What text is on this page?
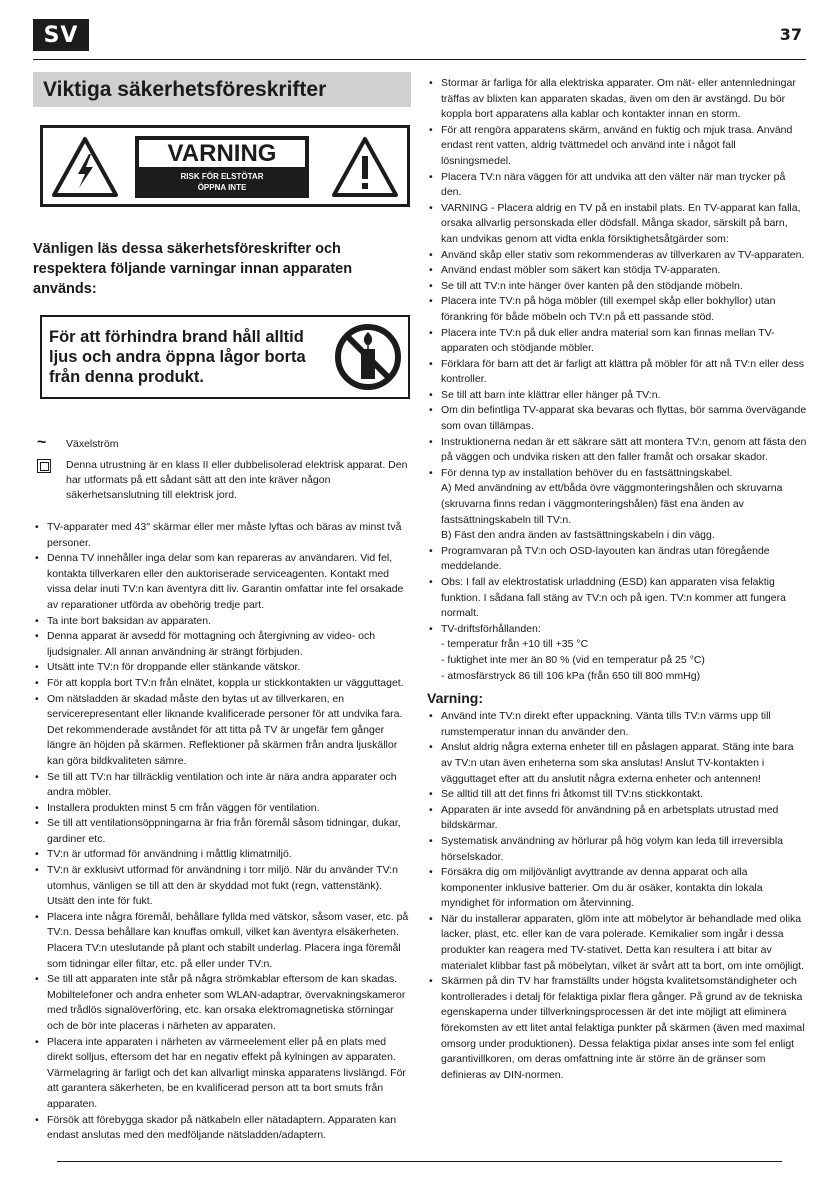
SV	37
Viktiga säkerhetsföreskrifter
VARNING
RISK FÖR ELSTÖTAR
ÖPPNA INTE
Vänligen läs dessa säkerhetsföreskrifter och respektera följande varningar innan apparaten används:
För att förhindra brand håll alltid ljus och andra öppna lågor borta från denna produkt.
~ Växelström
Denna utrustning är en klass II eller dubbelisolerad elektrisk apparat. Den har utformats på ett sådant sätt att den inte kräver någon säkerhetsanslutning till elektrisk jord.
• TV-apparater med 43" skärmar eller mer måste lyftas och bäras av minst två personer.
• Denna TV innehåller inga delar som kan repareras av användaren. Vid fel, kontakta tillverkaren eller den auktoriserade serviceagenten. Kontakt med vissa delar inuti TV:n kan äventyra ditt liv. Garantin omfattar inte fel orsakade av reparationer utförda av obehörig tredje part.
• Ta inte bort baksidan av apparaten.
• Denna apparat är avsedd för mottagning och återgivning av video- och ljudsignaler. All annan användning är strängt förbjuden.
• Utsätt inte TV:n för droppande eller stänkande vätskor.
• För att koppla bort TV:n från elnätet, koppla ur stickkontakten ur vägguttaget.
• Om nätsladden är skadad måste den bytas ut av tillverkaren, en servicerepresentant eller liknande kvalificerade personer för att undvika fara. Det rekommenderade avståndet för att titta på TV är ungefär fem gånger längre än höjden på skärmen. Reflektioner på skärmen från andra ljuskällor kan göra bildkvaliteten sämre.
• Se till att TV:n har tillräcklig ventilation och inte är nära andra apparater och andra möbler.
• Installera produkten minst 5 cm från väggen för ventilation.
• Se till att ventilationsöppningarna är fria från föremål såsom tidningar, dukar, gardiner etc.
• TV:n är utformad för användning i måttlig klimatmiljö.
• TV:n är exklusivt utformad för användning i torr miljö. När du använder TV:n utomhus, vänligen se till att den är skyddad mot fukt (regn, vattenstänk). Utsätt den inte för fukt.
• Placera inte några föremål, behållare fyllda med vätskor, såsom vaser, etc. på TV:n. Dessa behållare kan knuffas omkull, vilket kan äventyra elsäkerheten. Placera TV:n uteslutande på plant och stabilt underlag. Placera inga föremål som tidningar eller filtar, etc. på eller under TV:n.
• Se till att apparaten inte står på några strömkablar eftersom de kan skadas. Mobiltelefoner och andra enheter som WLAN-adaptrar, övervakningskameror med trådlös signalöverföring, etc. kan orsaka elektromagnetiska störningar och de bör inte placeras i närheten av apparaten.
• Placera inte apparaten i närheten av värmeelement eller på en plats med direkt solljus, eftersom det har en negativ effekt på kylningen av apparaten. Värmelagring är farligt och det kan allvarligt minska apparatens livslängd. För att garantera säkerheten, be en kvalificerad person att ta bort smuts från apparaten.
• Försök att förebygga skador på nätkabeln eller nätadaptern. Apparaten kan endast anslutas med den medföljande nätsladden/adaptern.
• Stormar är farliga för alla elektriska apparater. Om nät- eller antennledningar träffas av blixten kan apparaten skadas, även om den är avstängd. Du bör koppla bort apparatens alla kablar och kontakter innan en storm.
• För att rengöra apparatens skärm, använd en fuktig och mjuk trasa. Använd endast rent vatten, aldrig tvättmedel och använd inte i något fall lösningsmedel.
• Placera TV:n nära väggen för att undvika att den välter när man trycker på den.
• VARNING - Placera aldrig en TV på en instabil plats. En TV-apparat kan falla, orsaka allvarlig personskada eller dödsfall. Många skador, särskilt på barn, kan undvikas genom att vidta enkla försiktighetsåtgärder som:
• Använd skåp eller stativ som rekommenderas av tillverkaren av TV-apparaten.
• Använd endast möbler som säkert kan stödja TV-apparaten.
• Se till att TV:n inte hänger över kanten på den stödjande möbeln.
• Placera inte TV:n på höga möbler (till exempel skåp eller bokhyllor) utan förankring för både möbeln och TV:n på ett passande stöd.
• Placera inte TV:n på duk eller andra material som kan finnas mellan TV-apparaten och stödjande möbler.
• Förklara för barn att det är farligt att klättra på möbler för att nå TV:n eller dess kontroller.
• Se till att barn inte klättrar eller hänger på TV:n.
• Om din befintliga TV-apparat ska bevaras och flyttas, bör samma övervägande som ovan tillämpas.
• Instruktionerna nedan är ett säkrare sätt att montera TV:n, genom att fästa den på väggen och undvika risken att den faller framåt och orsakar skador.
• För denna typ av installation behöver du en fastsättningskabel.
A) Med användning av ett/båda övre väggmonteringshålen och skruvarna (skruvarna finns redan i väggmonteringshålen) fäst ena änden av fastsättningskabeln till TV:n.
B) Fäst den andra änden av fastsättningskabeln i din vägg.
• Programvaran på TV:n och OSD-layouten kan ändras utan föregående meddelande.
• Obs: I fall av elektrostatisk urladdning (ESD) kan apparaten visa felaktig funktion. I sådana fall stäng av TV:n och på igen. TV:n kommer att fungera normalt.
• TV-driftsförhållanden:
- temperatur från +10 till +35 °C
- fuktighet inte mer än 80 % (vid en temperatur på 25 °C)
- atmosfärstryck 86 till 106 kPa (från 650 till 800 mmHg)
Varning:
• Använd inte TV:n direkt efter uppackning. Vänta tills TV:n värms upp till rumstemperatur innan du använder den.
• Anslut aldrig några externa enheter till en påslagen apparat. Stäng inte bara av TV:n utan även enheterna som ska anslutas! Anslut TV-kontakten i vägguttaget efter att du anslutit några externa enheter och antennen!
• Se alltid till att det finns fri åtkomst till TV:ns stickkontakt.
• Apparaten är inte avsedd för användning på en arbetsplats utrustad med bildskärmar.
• Systematisk användning av hörlurar på hög volym kan leda till irreversibla hörselskador.
• Försäkra dig om miljövänligt avyttrande av denna apparat och alla komponenter inklusive batterier. Om du är osäker, kontakta din lokala myndighet för information om återvinning.
• När du installerar apparaten, glöm inte att möbelytor är behandlade med olika lacker, plast, etc. eller kan de vara polerade. Kemikalier som ingår i dessa produkter kan reagera med TV-stativet. Detta kan resultera i att bitar av materialet klibbar fast på möbelytan, vilket är svårt att ta bort, om inte omöjligt.
• Skärmen på din TV har framställts under högsta kvalitetsomständigheter och kontrollerades i detalj för felaktiga pixlar flera gånger. På grund av de tekniska egenskaperna under tillverkningsprocessen är det inte möjligt att eliminera förekomsten av ett litet antal felaktiga punkter på skärmen (även med maximal omsorg under produktionen). Dessa felaktiga pixlar anses inte som fel enligt garantivillkoren, om deras omfattning inte är större än de gränser som definieras av DIN-normen.
